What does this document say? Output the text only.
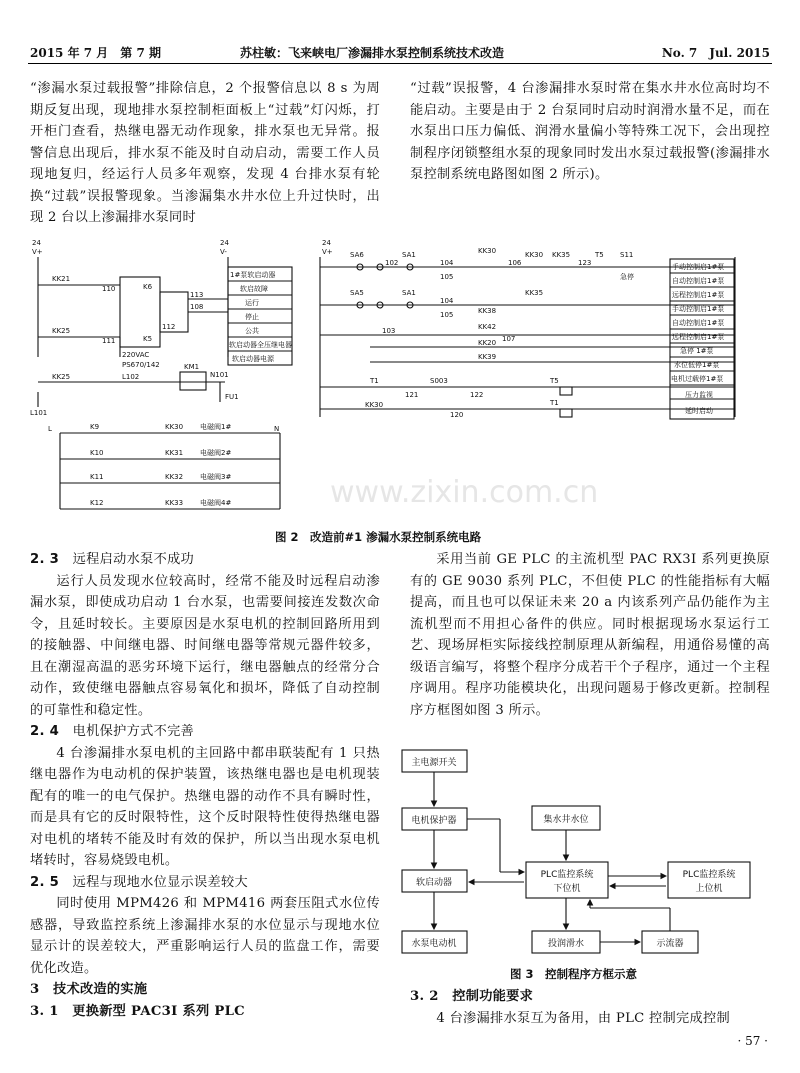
2015 年 7 月　第 7 期	苏柱敏：飞来峡电厂渗漏排水泵控制系统技术改造	No. 7　Jul. 2015

“渗漏水泵过载报警”排除信息，2 个报警信息以 8 s 为周期反复出现，现地排水泵控制柜面板上“过载”灯闪烁，打开柜门查看，热继电器无动作现象，排水泵也无异常。报警信息出现后，排水泵不能及时自动启动，需要工作人员现地复归，经运行人员多年观察，发现 4 台排水泵有轮换“过载”误报警现象。当渗漏集水井水位上升过快时，出现 2 台以上渗漏排水泵同时

“过载”误报警，4 台渗漏排水泵时常在集水井水位高时均不能启动。主要是由于 2 台泵同时启动时润滑水量不足，而在水泵出口压力偏低、润滑水量偏小等特殊工况下，会出现控制程序闭锁整组水泵的现象同时发出水泵过载报警(渗漏排水泵控制系统电路图如图 2 所示)。

24
V+
24
V-
KK21
110	K6
KK25
111	K5
113
108
112
220VAC
PS670/142
KK25	L102
KM1
N101
FU1
L101
1#泵软启动器
软启故障
运行
停止
公共
软启动器全压继电器
软启动器电源
L	N
K9	KK30 电磁阀1#
K10	KK31 电磁阀2#
K11	KK32 电磁阀3#
K12	KK33 电磁阀4#
24
V+ SA6	SA1
102	104
105
KK30
106
KK30 KK35
123
T5 S11
急停
SA5	SA1
104
105
KK35
103	KK42
KK38
107
KK20
KK39
T1	S003
121	122
T5
KK30
120
T1
手动控制启1#泵
自动控制启1#泵
远程控制启1#泵
手动控制启1#泵
自动控制启1#泵
远程控制启1#泵
急停 1#泵
水位低停1#泵
电机过载停1#泵
压力监视
延时启动
www.zixin.com.cn
图 2　改造前#1 渗漏水泵控制系统电路
2. 3　 远程启动水泵不成功

运行人员发现水位较高时，经常不能及时远程启动渗漏水泵，即使成功启动 1 台水泵，也需要间接连发数次命令，且延时较长。主要原因是水泵电机的控制回路所用到的接触器、中间继电器、时间继电器等常规元器件较多，且在潮湿高温的恶劣环境下运行，继电器触点的经常分合动作，致使继电器触点容易氧化和损坏，降低了自动控制的可靠性和稳定性。

2. 4　 电机保护方式不完善

4 台渗漏排水泵电机的主回路中都串联装配有 1 只热继电器作为电动机的保护装置，该热继电器也是电机现装配有的唯一的电气保护。热继电器的动作不具有瞬时性，而是具有它的反时限特性，这个反时限特性使得热继电器对电机的堵转不能及时有效的保护，所以当出现水泵电机堵转时，容易烧毁电机。

2. 5　 远程与现地水位显示误差较大

同时使用 MPM426 和 MPM416 两套压阻式水位传感器，导致监控系统上渗漏排水泵的水位显示与现地水位显示计的误差较大，严重影响运行人员的监盘工作，需要优化改造。

3　技术改造的实施
3. 1　更换新型 PAC3I 系列 PLC

采用当前 GE PLC 的主流机型 PAC RX3I 系列更换原有的 GE 9030 系列 PLC，不但使 PLC 的性能指标有大幅提高，而且也可以保证未来 20 a 内该系列产品仍能作为主流机型而不用担心备件的供应。同时根据现场水泵运行工艺、现场屏柜实际接线控制原理从新编程，用通俗易懂的高级语言编写，将整个程序分成若干个子程序，通过一个主程序调用。程序功能模块化，出现问题易于修改更新。控制程序方框图如图 3 所示。

主电源开关
电机保护器	集水井水位
软启动器
PLC监控系统
下位机
PLC监控系统
上位机
水泵电动机	投润滑水	示流器
图 3　控制程序方框示意
3. 2　控制功能要求

4 台渗漏排水泵互为备用，由 PLC 控制完成控制

· 57 ·
